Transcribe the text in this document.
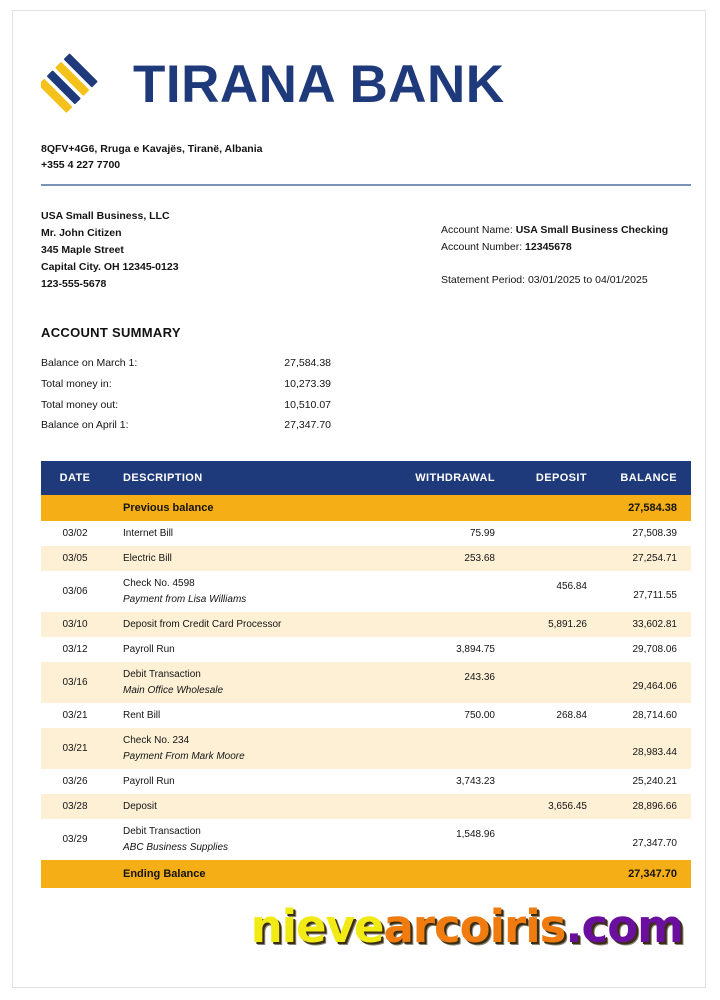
TIRANA BANK
8QFV+4G6, Rruga e Kavajës, Tiranë, Albania
+355 4 227 7700
USA Small Business, LLC
Mr. John Citizen
345 Maple Street
Capital City. OH 12345-0123
123-555-5678
Account Name: USA Small Business Checking
Account Number: 12345678
Statement Period: 03/01/2025 to 04/01/2025
ACCOUNT SUMMARY
Balance on March 1:	27,584.38
Total money in:	10,273.39
Total money out:	10,510.07
Balance on April 1:	27,347.70
DATE	DESCRIPTION	WITHDRAWAL	DEPOSIT	BALANCE
	Previous balance			27,584.38
03/02	Internet Bill	75.99		27,508.39
03/05	Electric Bill	253.68		27,254.71
03/06	Check No. 4598
Payment from Lisa Williams		456.84	27,711.55
03/10	Deposit from Credit Card Processor		5,891.26	33,602.81
03/12	Payroll Run	3,894.75		29,708.06
03/16	Debit Transaction
Main Office Wholesale	243.36		29,464.06
03/21	Rent Bill	750.00	268.84	28,714.60
03/21	Check No. 234
Payment From Mark Moore			28,983.44
03/26	Payroll Run	3,743.23		25,240.21
03/28	Deposit		3,656.45	28,896.66
03/29	Debit Transaction
ABC Business Supplies	1,548.96		27,347.70
	Ending Balance			27,347.70
nievearcoiris.com
